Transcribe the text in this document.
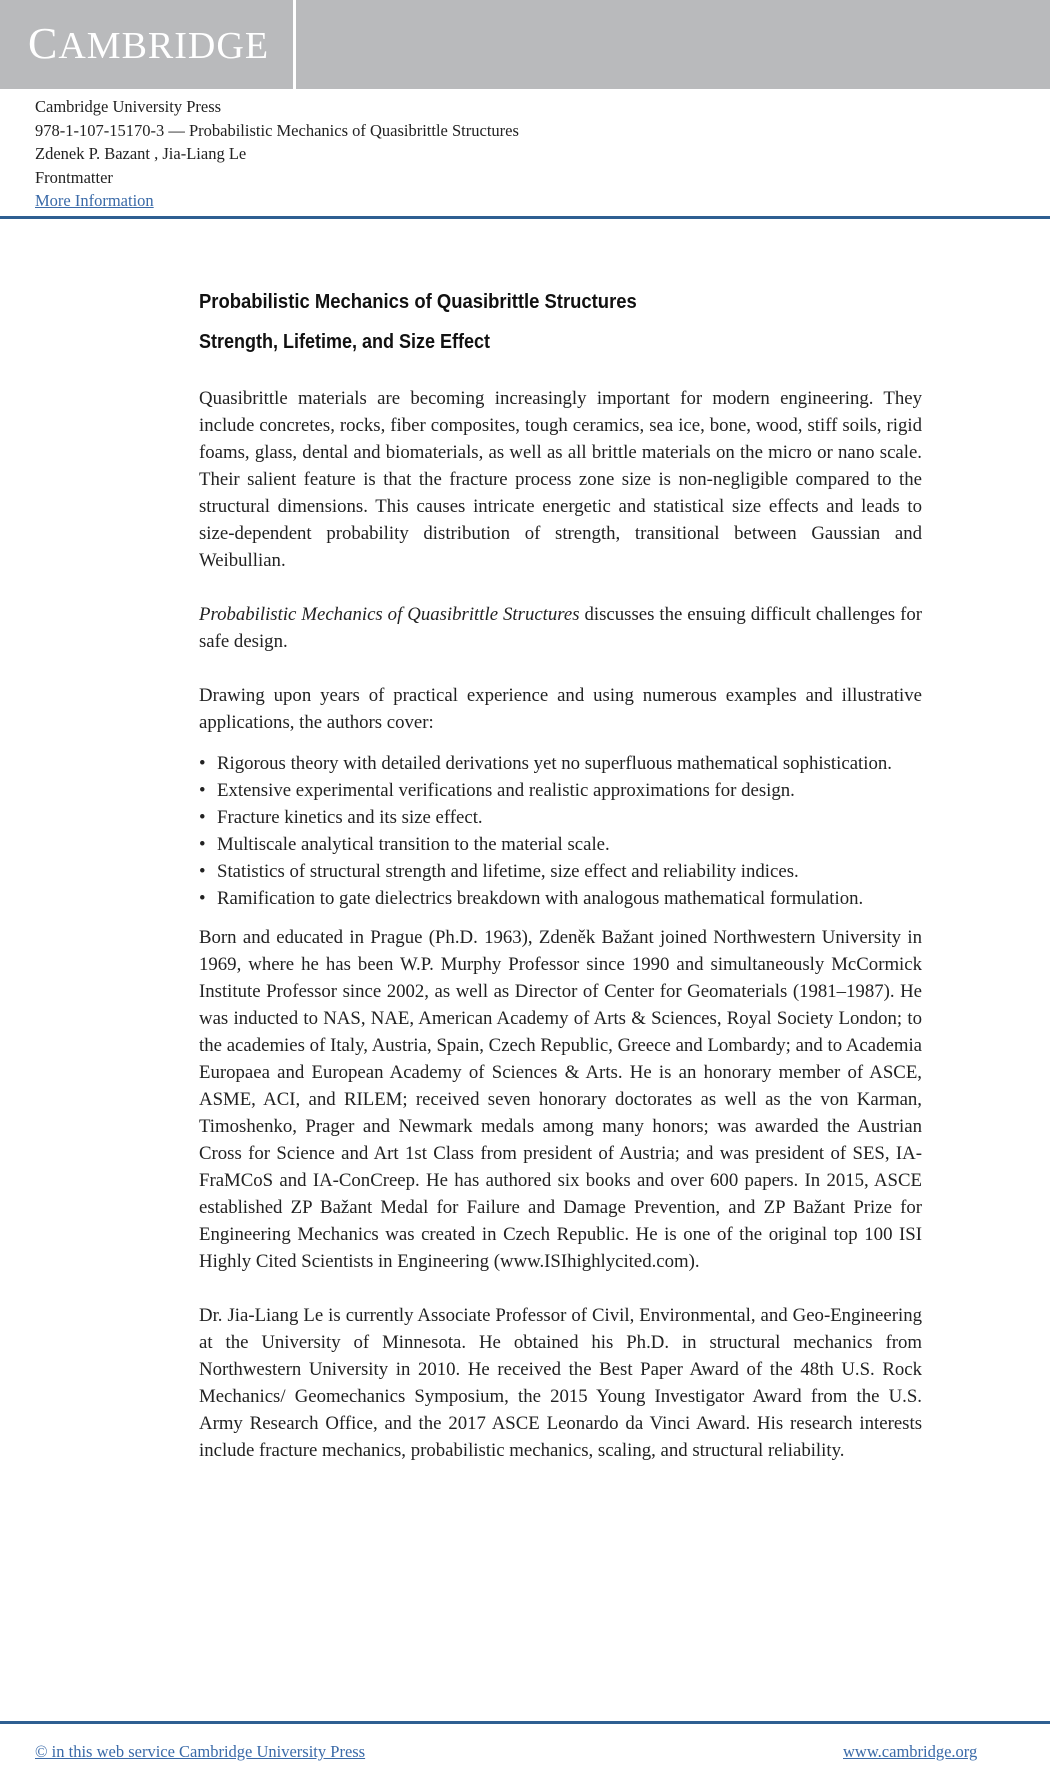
CAMBRIDGE
Cambridge University Press
978-1-107-15170-3 — Probabilistic Mechanics of Quasibrittle Structures
Zdenek P. Bazant , Jia-Liang Le
Frontmatter
More Information
Probabilistic Mechanics of Quasibrittle Structures
Strength, Lifetime, and Size Effect

Quasibrittle materials are becoming increasingly important for modern engineering. They include concretes, rocks, fiber composites, tough ceramics, sea ice, bone, wood, stiff soils, rigid foams, glass, dental and biomaterials, as well as all brittle materials on the micro or nano scale. Their salient feature is that the fracture process zone size is non-negligible compared to the structural dimensions. This causes intricate energetic and statistical size effects and leads to size-dependent probability distribution of strength, transitional between Gaussian and Weibullian.

Probabilistic Mechanics of Quasibrittle Structures discusses the ensuing difficult challenges for safe design.

Drawing upon years of practical experience and using numerous examples and illustrative applications, the authors cover:

• Rigorous theory with detailed derivations yet no superfluous mathematical sophistication.
• Extensive experimental verifications and realistic approximations for design.
• Fracture kinetics and its size effect.
• Multiscale analytical transition to the material scale.
• Statistics of structural strength and lifetime, size effect and reliability indices.
• Ramification to gate dielectrics breakdown with analogous mathematical formulation.

Born and educated in Prague (Ph.D. 1963), Zdeněk Bažant joined Northwestern University in 1969, where he has been W.P. Murphy Professor since 1990 and simultaneously McCormick Institute Professor since 2002, as well as Director of Center for Geomaterials (1981–1987). He was inducted to NAS, NAE, American Academy of Arts & Sciences, Royal Society London; to the academies of Italy, Austria, Spain, Czech Republic, Greece and Lombardy; and to Academia Europaea and European Academy of Sciences & Arts. He is an honorary member of ASCE, ASME, ACI, and RILEM; received seven honorary doctorates as well as the von Karman, Timoshenko, Prager and Newmark medals among many honors; was awarded the Austrian Cross for Science and Art 1st Class from president of Austria; and was president of SES, IA-FraMCoS and IA-ConCreep. He has authored six books and over 600 papers. In 2015, ASCE established ZP Bažant Medal for Failure and Damage Prevention, and ZP Bažant Prize for Engineering Mechanics was created in Czech Republic. He is one of the original top 100 ISI Highly Cited Scientists in Engineering (www.ISIhighlycited.com).

Dr. Jia-Liang Le is currently Associate Professor of Civil, Environmental, and Geo-Engineering at the University of Minnesota. He obtained his Ph.D. in structural mechanics from Northwestern University in 2010. He received the Best Paper Award of the 48th U.S. Rock Mechanics/ Geomechanics Symposium, the 2015 Young Investigator Award from the U.S. Army Research Office, and the 2017 ASCE Leonardo da Vinci Award. His research interests include fracture mechanics, probabilistic mechanics, scaling, and structural reliability.

© in this web service Cambridge University Press	www.cambridge.org
